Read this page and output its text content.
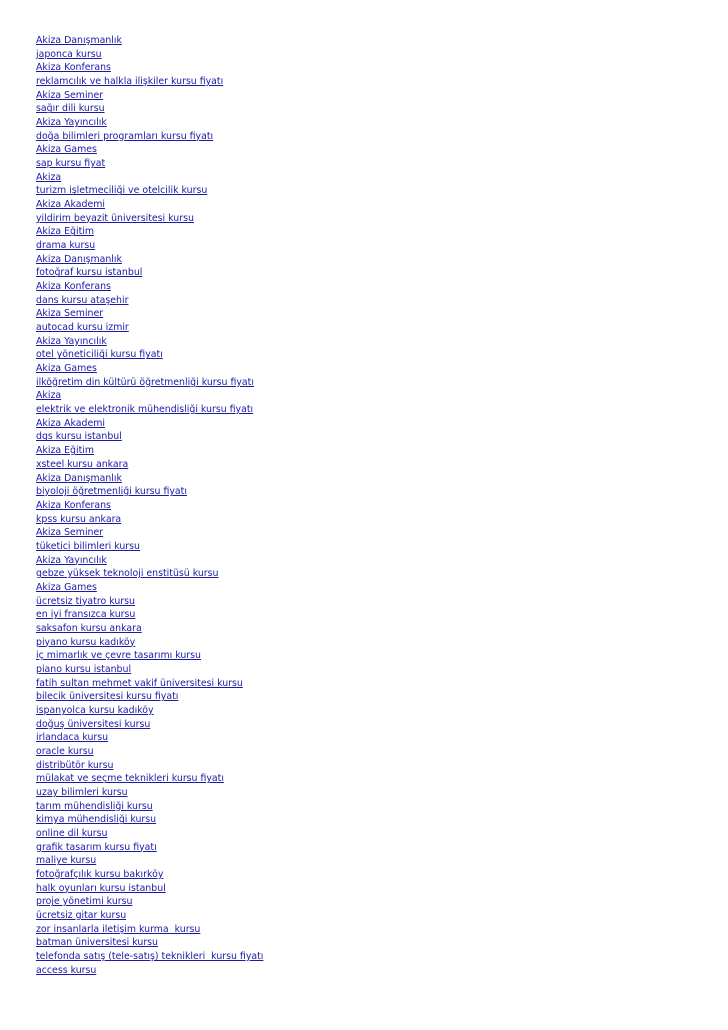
Akiza Danışmanlık
japonca kursu
Akiza Konferans
reklamcılık ve halkla ilişkiler kursu fiyatı
Akiza Seminer
sağır dili kursu
Akiza Yayıncılık
doğa bilimleri programları kursu fiyatı
Akiza Games
sap kursu fiyat
Akiza
turizm işletmeciliği ve otelcilik kursu
Akiza Akademi
yildirim beyazit üniversitesi kursu
Akiza Eğitim
drama kursu
Akiza Danışmanlık
fotoğraf kursu istanbul
Akiza Konferans
dans kursu ataşehir
Akiza Seminer
autocad kursu izmir
Akiza Yayıncılık
otel yöneticiliği kursu fiyatı
Akiza Games
ilköğretim din kültürü öğretmenliği kursu fiyatı
Akiza
elektrik ve elektronik mühendisliği kursu fiyatı
Akiza Akademi
dgs kursu istanbul
Akiza Eğitim
xsteel kursu ankara
Akiza Danışmanlık
biyoloji öğretmenliği kursu fiyatı
Akiza Konferans
kpss kursu ankara
Akiza Seminer
tüketici bilimleri kursu
Akiza Yayıncılık
gebze yüksek teknoloji enstitüsü kursu
Akiza Games
ücretsiz tiyatro kursu
en iyi fransızca kursu
saksafon kursu ankara
piyano kursu kadıköy
iç mimarlık ve çevre tasarımı kursu
piano kursu istanbul
fatih sultan mehmet vakif üniversitesi kursu
bilecik üniversitesi kursu fiyatı
ispanyolca kursu kadıköy
doğuş üniversitesi kursu
irlandaca kursu
oracle kursu
distribütör kursu
mülakat ve seçme teknikleri kursu fiyatı
uzay bilimleri kursu
tarım mühendisliği kursu
kimya mühendisliği kursu
online dil kursu
grafik tasarım kursu fiyatı
maliye kursu
fotoğrafçılık kursu bakırköy
halk oyunları kursu istanbul
proje yönetimi kursu
ücretsiz gitar kursu
zor insanlarla iletişim kurma  kursu
batman üniversitesi kursu
telefonda satış (tele-satış) teknikleri  kursu fiyatı
access kursu
